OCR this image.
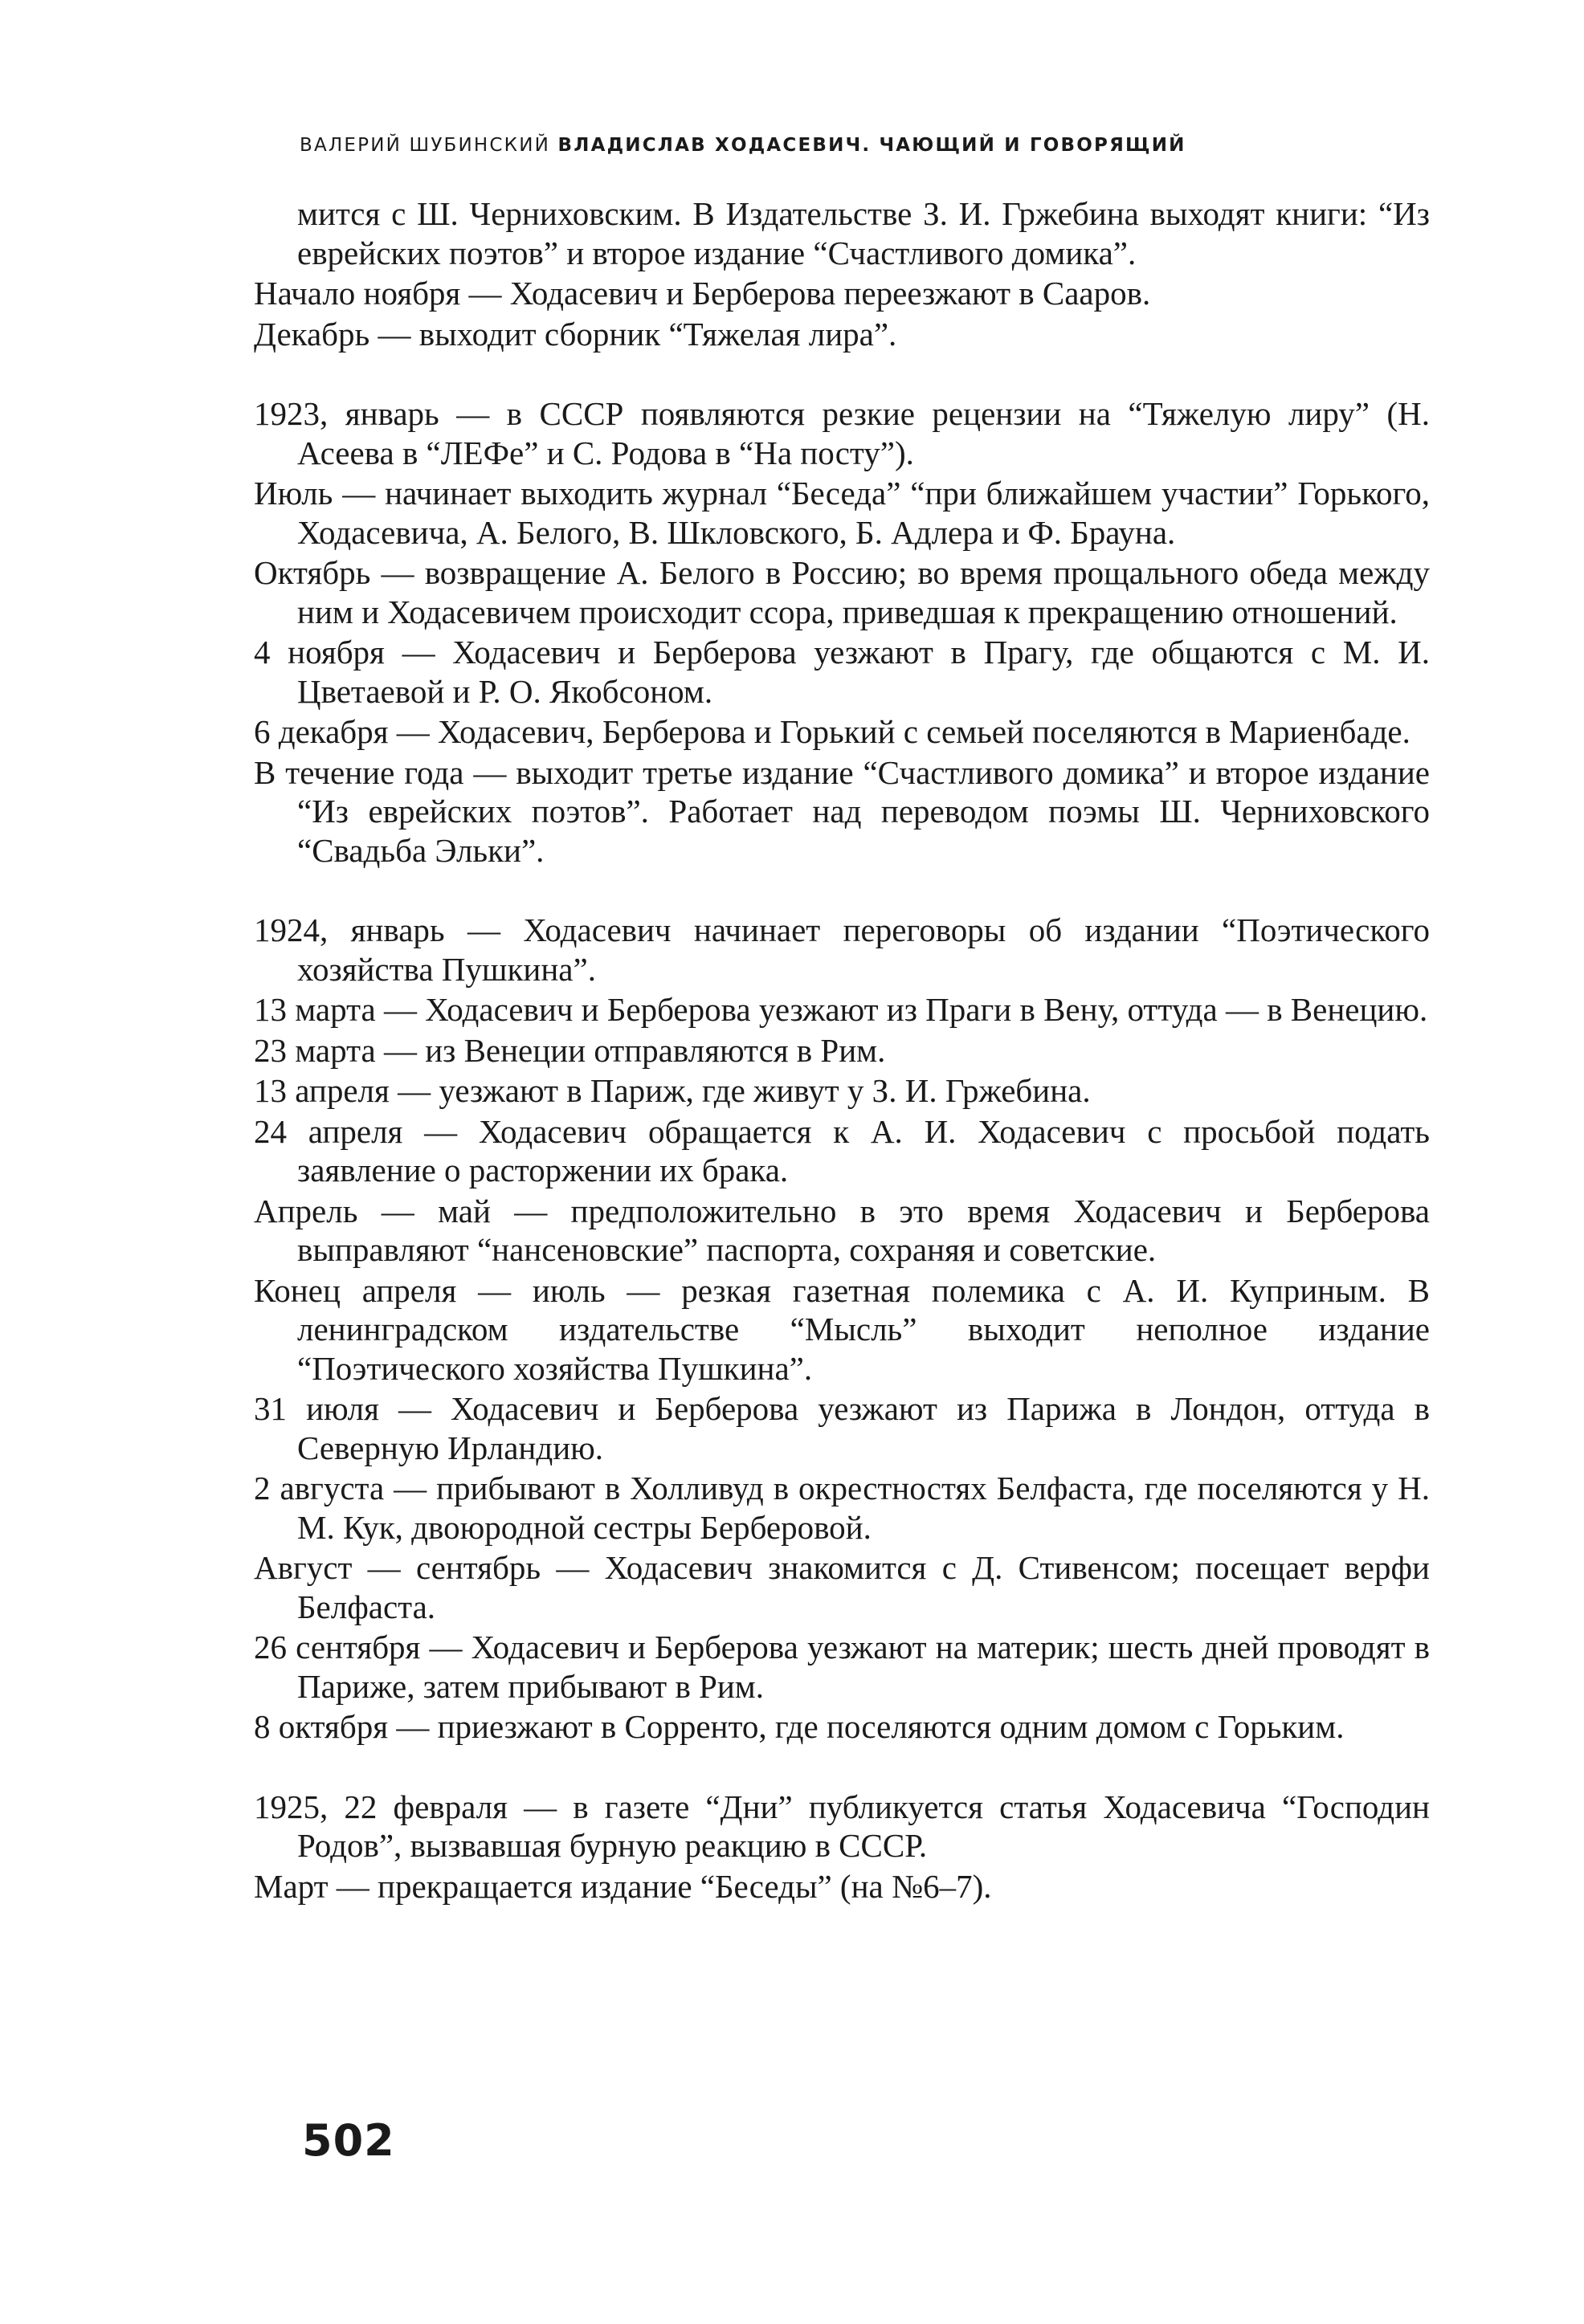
ВАЛЕРИЙ ШУБИНСКИЙ ВЛАДИСЛАВ ХОДАСЕВИЧ. ЧАЮЩИЙ И ГОВОРЯЩИЙ

мится с Ш. Черниховским. В Издательстве З. И. Гржебина выходят книги: “Из еврейских поэтов” и второе издание “Счастливого домика”.

Начало ноября — Ходасевич и Берберова переезжают в Сааров.

Декабрь — выходит сборник “Тяжелая лира”.

1923, январь — в СССР появляются резкие рецензии на “Тяжелую лиру” (Н. Асеева в “ЛЕФе” и С. Родова в “На посту”).

Июль — начинает выходить журнал “Беседа” “при ближайшем участии” Горького, Ходасевича, А. Белого, В. Шкловского, Б. Адлера и Ф. Брауна.

Октябрь — возвращение А. Белого в Россию; во время прощального обеда между ним и Ходасевичем происходит ссора, приведшая к прекращению отношений.

4 ноября — Ходасевич и Берберова уезжают в Прагу, где общаются с М. И. Цветаевой и Р. О. Якобсоном.

6 декабря — Ходасевич, Берберова и Горький с семьей поселяются в Мариенбаде.

В течение года — выходит третье издание “Счастливого домика” и второе издание “Из еврейских поэтов”. Работает над переводом поэмы Ш. Черниховского “Свадьба Эльки”.

1924, январь — Ходасевич начинает переговоры об издании “Поэтического хозяйства Пушкина”.

13 марта — Ходасевич и Берберова уезжают из Праги в Вену, оттуда — в Венецию.

23 марта — из Венеции отправляются в Рим.

13 апреля — уезжают в Париж, где живут у З. И. Гржебина.

24 апреля — Ходасевич обращается к А. И. Ходасевич с просьбой подать заявление о расторжении их брака.

Апрель — май — предположительно в это время Ходасевич и Берберова выправляют “нансеновские” паспорта, сохраняя и советские.

Конец апреля — июль — резкая газетная полемика с А. И. Куприным. В ленинградском издательстве “Мысль” выходит неполное издание “Поэтического хозяйства Пушкина”.

31 июля — Ходасевич и Берберова уезжают из Парижа в Лондон, оттуда в Северную Ирландию.

2 августа — прибывают в Холливуд в окрестностях Белфаста, где поселяются у Н. М. Кук, двоюродной сестры Берберовой.

Август — сентябрь — Ходасевич знакомится с Д. Стивенсом; посещает верфи Белфаста.

26 сентября — Ходасевич и Берберова уезжают на материк; шесть дней проводят в Париже, затем прибывают в Рим.

8 октября — приезжают в Сорренто, где поселяются одним домом с Горьким.

1925, 22 февраля — в газете “Дни” публикуется статья Ходасевича “Господин Родов”, вызвавшая бурную реакцию в СССР.

Март — прекращается издание “Беседы” (на №6–7).

502
